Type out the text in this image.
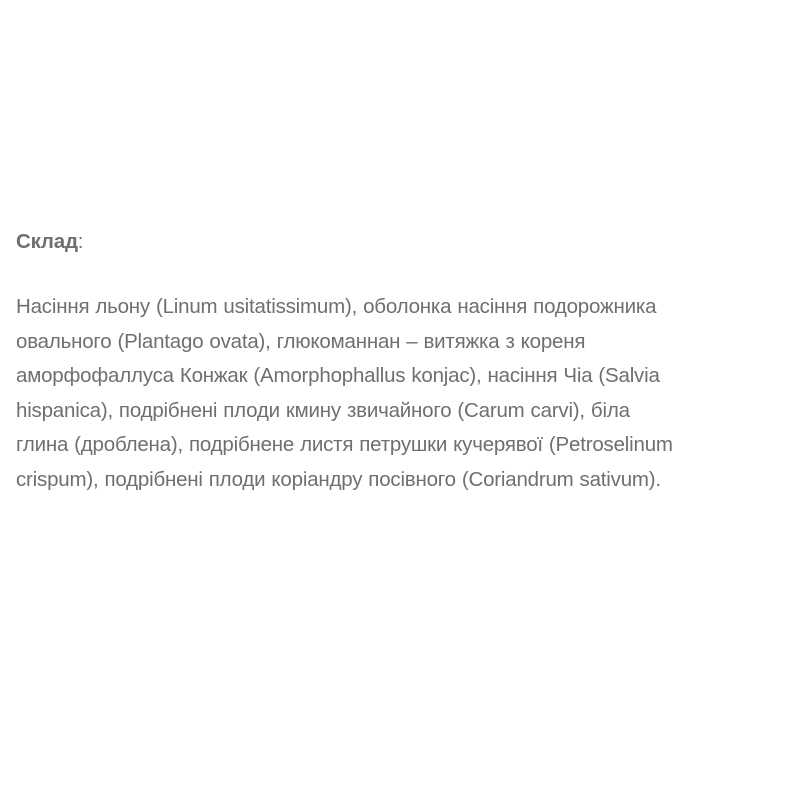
Склад:

Насіння льону (Linum usitatissimum), оболонка насіння подорожника
овального (Plantago ovata), глюкоманнан – витяжка з кореня
аморфофаллуса Конжак (Amorphophallus konjac), насіння Чіа (Salvia
hispanica), подрібнені плоди кмину звичайного (Carum carvi), біла
глина (дроблена), подрібнене листя петрушки кучерявої (Petroselinum
crispum), подрібнені плоди коріандру посівного (Coriandrum sativum).
